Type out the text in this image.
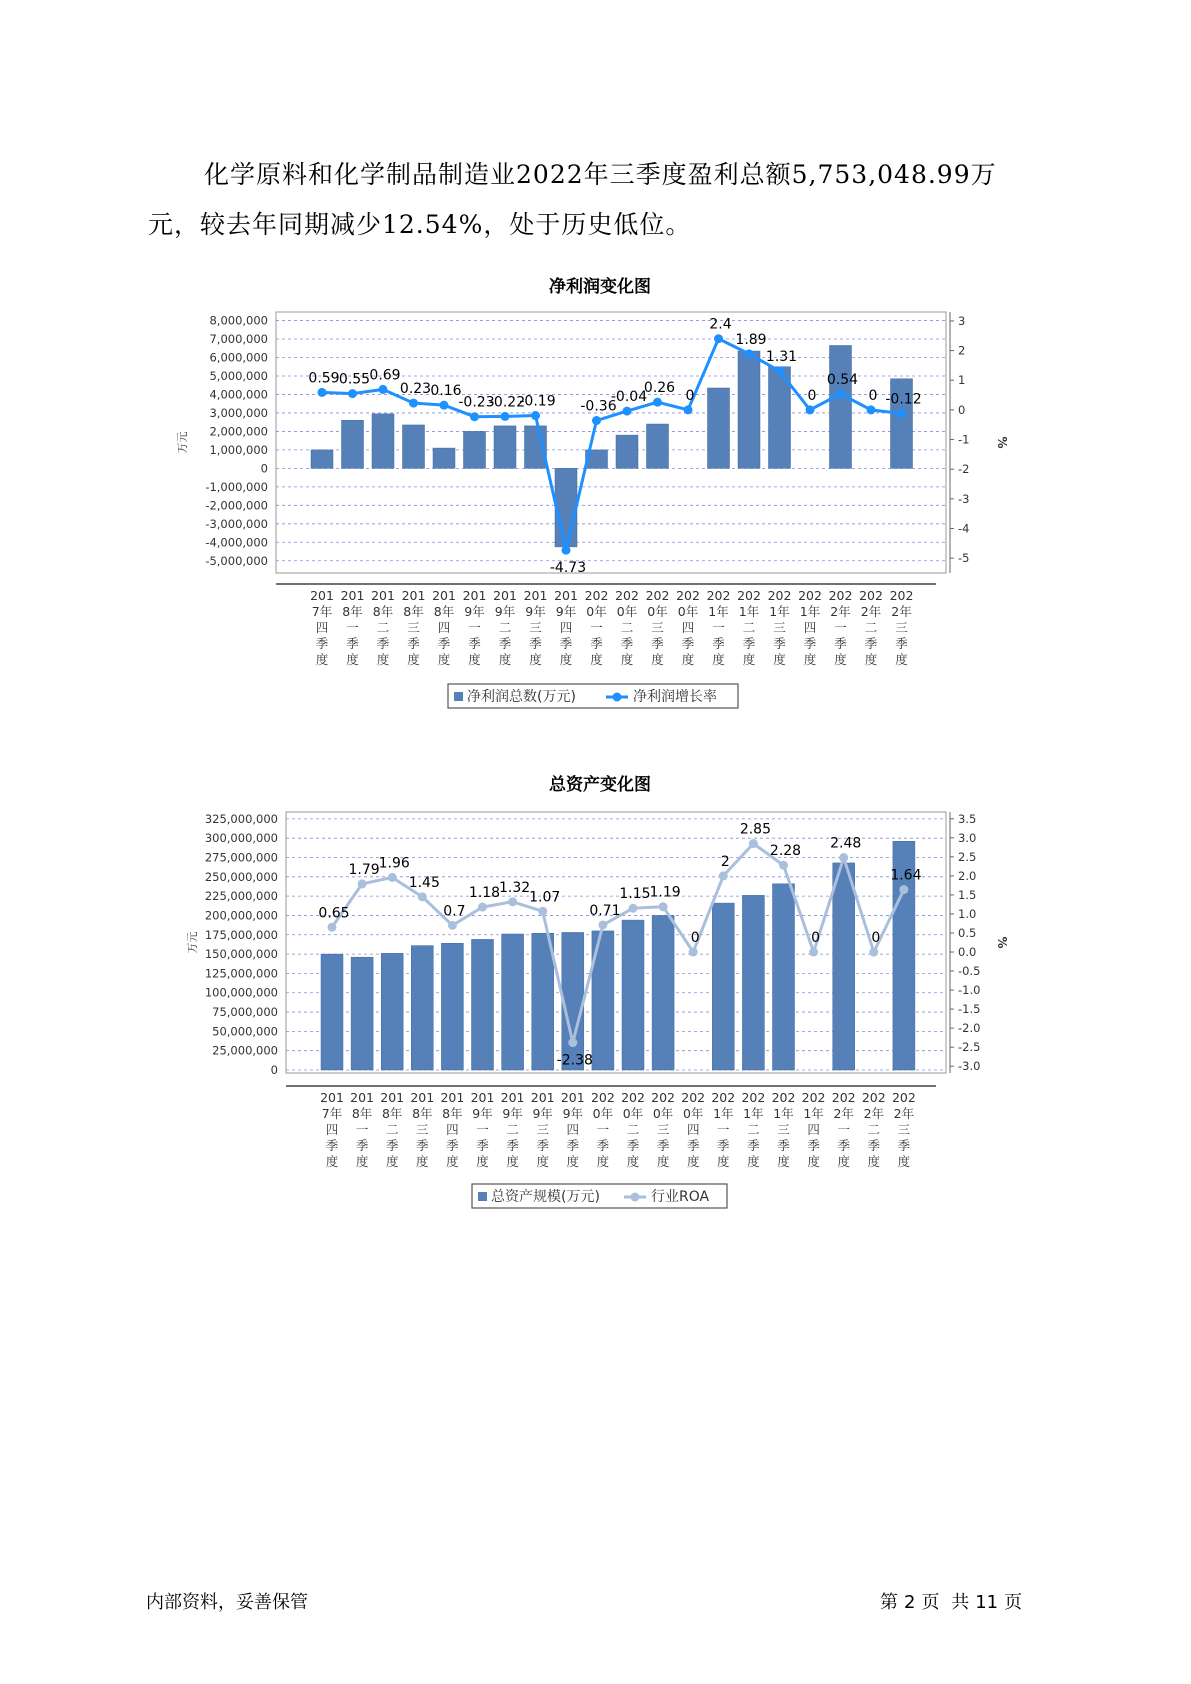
化学原料和化学制品制造业2022年三季度盈利总额5,753,048.99万元，较去年同期减少12.54%，处于历史低位。
净利润变化图
8,000,000
7,000,000
6,000,000
5,000,000
4,000,000
3,000,000
2,000,000
1,000,000
0
-1,000,000
-2,000,000
-3,000,000
-4,000,000
-5,000,000
3
2
1
0
-1
-2
-3
-4
-5
万元	%
0.59 0.55 0.69
0.23 0.16
-0.23
-0.22
-0.19
-4.73
-0.36
-0.04
0.26 0
2.4
1.89
1.31
0
0.54
0 -0.12
201
7年
四
季
度
201
8年
一
季
度
201
8年
二
季
度
201
8年
三
季
度
201
8年
四
季
度
201
9年
一
季
度
201
9年
二
季
度
201
9年
三
季
度
201
9年
四
季
度
202
0年
一
季
度
202
0年
二
季
度
202
0年
三
季
度
202
0年
四
季
度
202
1年
一
季
度
202
1年
二
季
度
202
1年
三
季
度
202
1年
四
季
度
202
2年
一
季
度
202
2年
二
季
度
202
2年
三
季
度
净利润总数(万元)	净利润增长率
总资产变化图
325,000,000
300,000,000
275,000,000
250,000,000
225,000,000
200,000,000
175,000,000
150,000,000
125,000,000
100,000,000
75,000,000
50,000,000
25,000,000
0
3.5
3.0
2.5
2.0
1.5
1.0
0.5
0.0
-0.5
-1.0
-1.5
-2.0
-2.5
-3.0
万元	%
0.65
1.79
1.96
1.45
0.7
1.18
1.32
1.07
-2.38
0.71
1.15
1.19
0
2
2.85
2.28
0
2.48
0
1.64
201
7年
四
季
度
201
8年
一
季
度
201
8年
二
季
度
201
8年
三
季
度
201
8年
四
季
度
201
9年
一
季
度
201
9年
二
季
度
201
9年
三
季
度
201
9年
四
季
度
202
0年
一
季
度
202
0年
二
季
度
202
0年
三
季
度
202
0年
四
季
度
202
1年
一
季
度
202
1年
二
季
度
202
1年
三
季
度
202
1年
四
季
度
202
2年
一
季
度
202
2年
二
季
度
202
2年
三
季
度
总资产规模(万元)	行业ROA
内部资料，妥善保管	第 2 页 共 11 页
